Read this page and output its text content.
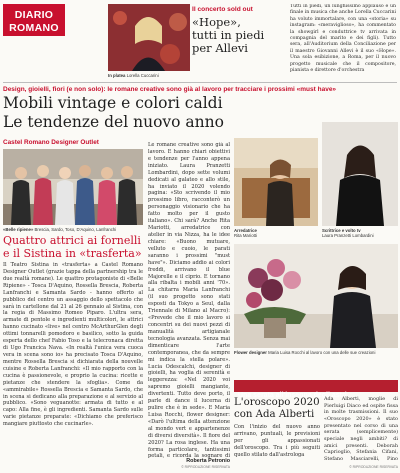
DIARIO
ROMANO
Il concerto sold out
«Hope»,
tutti in piedi
per Allevi
In platea Lorella Cuccarini
Tutti in piedi, un lunghissimo applauso e un finale in musica che anche Lorella Cuccarini ha voluto immortalare, con una «storia» su instagram: «meraviglioso», ha commentato la showgirl e conduttrice tv arrivata in compagnia del marito e dei figli). Tutto sera, all'Auditorium della Conciliazione per il maestro Giovanni Allevi è il suo «Hope». Una sola esibizione, a Roma, per il nuovo progetto musicale che il compositore, pianista e direttore d'orchestra
Design, gioielli, fiori (e non solo): le romane creative sono già al lavoro per tracciare i prossimi «must have»
Mobili vintage e colori caldi
Le tendenze del nuovo anno
Castel Romano Designer Outlet
«Belle ripiene» Brescia, Sardo, Toso, D'Aquino, Lanfranchi
Quattro attrici ai fornelli
e il Sistina in «trasferta»
Il Teatro Sistina in «trasferta» a Castel Romano Designer Outlet (grazie tappa della partnership tra le due realtà romane). Le quattro protagoniste di «Belle Ripiene» - Tosca D'Aquino, Rossella Brescia, Roberta Lanfranchi e Samanta Sardo - hanno offerto al pubblico del centro un assaggio dello spettacolo che sarà in cartellone dal 21 al 26 gennaio al Sistina, con la regia di Massimo Romeo Piparo. L'ultra sera, armate di pentole e ingredienti multicolori, le attrici hanno cucinato «live» nel centro McArthurGlen degli ottimi tonnarelli pomodoro e basilico, sotto la guida esperta dello chef Fabio Toso e la telecronaca diretta di Ugo Francica Nava. «In realtà l'unica vera cuoca vera in scena sono io» ha precisato Tosca D'Aquino, mentre Rossella Brescia si dichiarata della nouvelle cuisine e Roberta Lanfranchi: «Il mio rapporto con la cucina è passionevole, e proprio la cucina: ricette e pietanze che stendere la sfoglia». Come da «ammirabile» Rossella Brescia e Samanta Sardo, che in scena si dedicano alla preparazione e al servizio al pubblico. «Sono veguanotte: armata di tutto e al capo: Alla fine, è gli ingredienti. Samanta Sardo sulle varie pietanze preparate: «Dichiamo che preferisco mangiare piuttosto che cucinarle».
Le romane creative sono già al lavoro. E hanno chiari obiettivi e tendenze per l'anno appena iniziato. Laura Pranzetti Lombardini, dopo sette volumi dedicati al galateo e allo stile, ha inviato il 2020 volendo pagina: «Sto scrivendo il mio prossimo libro, racconterò un personaggio visionario che ha fatto molto per il gusto italiano». Chi sarà? Anche Rita Mariotti, arredatrice con atelier in via Nizza, ha le idee chiare: «Buono mutuare, velluto e cuoio, le parati saranno i prossimi "must have"». Diciamo addio ai colori freddi, arrivano il blue Majorelle e il ciprio. E tornano alla ribalta i mobili anni '70». La chitarra Maria Lanfranchi (il suo progetto sono stati esposti da Tokyo a Seul, dalla Triennale di Milano al Macro): «Prevede che il mio lavoro si concentri su dei nuovi pezzi di manualità artigianale tecnologia avanzata. Senza mai dimenticare l'arte contemporanea, che da sempre mi indica la stella polare». Lucia Odescalchi, designer di gioielli, ha voglia di serenità e leggerezza: «Nel 2020 voi sapremo gioielli mangiante, divertenti. Tutto deve porto, il parle di dance il lucerna di pulire che è in sede». E Maria Luisa Rocchi, flower designer: «Darò l'ultima della attenzione al mondo vert e appartenenze di diversi diversità». Il fiore del 2020? La rosa inglese. Ha una forma particolare, tantissimi petali, e ricorda la sognare di
Roberta Petronio
© RIPRODUZIONE RISERVATA
Arredatrice
Rita Mariotti
Scrittrice e volto tv
Laura Pranzetti Lombardini
Flower designer Maria Luisa Rocchi al lavoro con una delle sue creazioni
Una serata all'insegna degli astri
L'oroscopo 2020
con Ada Alberti
Con l'inizio del nuovo anno arrivano, puntuali, le previsioni per gli appassionati dell'oroscopo. Tra i più seguiti quello stilato dall'astrologa
Ada Alberti, moglie di Pierluigi Diaco ed ospite fissa in molte trasmissioni. Il suo «Oroscopo 2020» è stato presentato nel corso di una serata (semplicemente) speciale negli ambiti? di amici presenti. Deborah Caprioglio, Stefania Cifani, Stefano Masciarelli, Pino
© RIPRODUZIONE RISERVATA
